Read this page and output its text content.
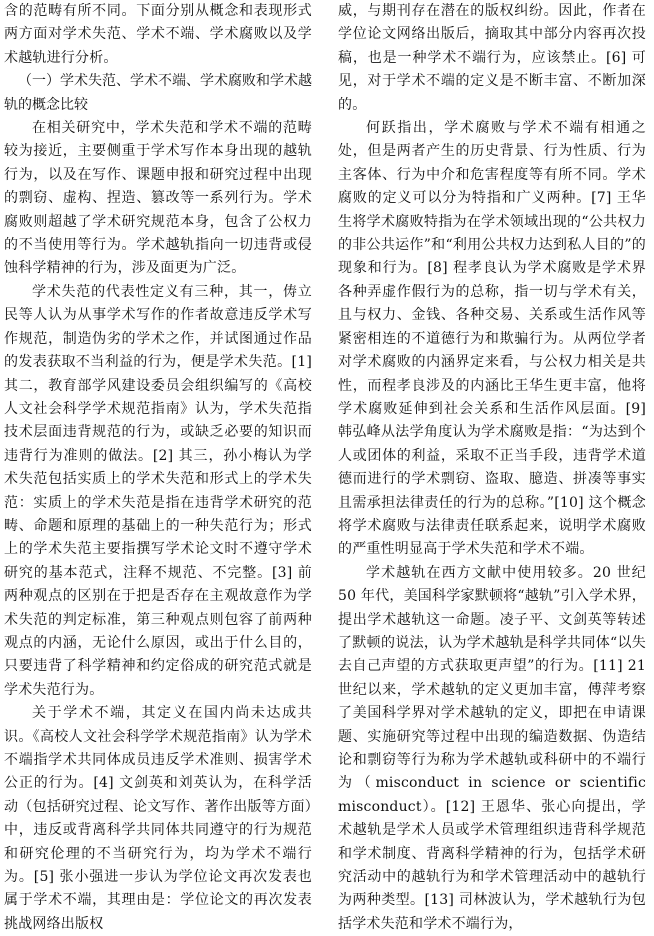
含的范畴有所不同。下面分别从概念和表现形式两方面对学术失范、学术不端、学术腐败以及学术越轨进行分析。

（一）学术失范、学术不端、学术腐败和学术越轨的概念比较

在相关研究中，学术失范和学术不端的范畴较为接近，主要侧重于学术写作本身出现的越轨行为，以及在写作、课题申报和研究过程中出现的剽窃、虚构、捏造、篡改等一系列行为。学术腐败则超越了学术研究规范本身，包含了公权力的不当使用等行为。学术越轨指向一切违背或侵蚀科学精神的行为，涉及面更为广泛。

学术失范的代表性定义有三种，其一，俦立民等人认为从事学术写作的作者故意违反学术写作规范，制造伪劣的学术之作，并试图通过作品的发表获取不当利益的行为，便是学术失范。[1] 其二，教育部学风建设委员会组织编写的《高校人文社会科学学术规范指南》认为，学术失范指技术层面违背规范的行为，或缺乏必要的知识而违背行为准则的做法。[2] 其三，孙小梅认为学术失范包括实质上的学术失范和形式上的学术失范：实质上的学术失范是指在违背学术研究的范畴、命题和原理的基础上的一种失范行为；形式上的学术失范主要指撰写学术论文时不遵守学术研究的基本范式，注释不规范、不完整。[3] 前两种观点的区别在于把是否存在主观故意作为学术失范的判定标准，第三种观点则包容了前两种观点的内涵，无论什么原因，或出于什么目的，只要违背了科学精神和约定俗成的研究范式就是学术失范行为。

关于学术不端，其定义在国内尚未达成共识。《高校人文社会科学学术规范指南》认为学术不端指学术共同体成员违反学术准则、损害学术公正的行为。[4] 文剑英和刘英认为，在科学活动（包括研究过程、论文写作、著作出版等方面）中，违反或背离科学共同体共同遵守的行为规范和研究伦理的不当研究行为，均为学术不端行为。[5] 张小强进一步认为学位论文再次发表也属于学术不端，其理由是：学位论文的再次发表挑战网络出版权

威，与期刊存在潜在的版权纠纷。因此，作者在学位论文网络出版后，摘取其中部分内容再次投稿，也是一种学术不端行为，应该禁止。[6] 可见，对于学术不端的定义是不断丰富、不断加深的。

何跃指出，学术腐败与学术不端有相通之处，但是两者产生的历史背景、行为性质、行为主客体、行为中介和危害程度等有所不同。学术腐败的定义可以分为特指和广义两种。[7] 王华生将学术腐败特指为在学术领域出现的“公共权力的非公共运作”和“利用公共权力达到私人目的”的现象和行为。[8] 程孝良认为学术腐败是学术界各种弄虚作假行为的总称，指一切与学术有关，且与权力、金钱、各种交易、关系或生活作风等紧密相连的不道德行为和欺骗行为。从两位学者对学术腐败的内涵界定来看，与公权力相关是共性，而程孝良涉及的内涵比王华生更丰富，他将学术腐败延伸到社会关系和生活作风层面。[9] 韩弘峰从法学角度认为学术腐败是指：“为达到个人或团体的利益，采取不正当手段，违背学术道德而进行的学术剽窃、盗取、臆造、拼凑等事实且需承担法律责任的行为的总称。”[10] 这个概念将学术腐败与法律责任联系起来，说明学术腐败的严重性明显高于学术失范和学术不端。

学术越轨在西方文献中使用较多。20 世纪 50 年代，美国科学家默顿将“越轨”引入学术界，提出学术越轨这一命题。凌子平、文剑英等转述了默顿的说法，认为学术越轨是科学共同体“以失去自己声望的方式获取更声望”的行为。[11] 21 世纪以来，学术越轨的定义更加丰富，傅萍考察了美国科学界对学术越轨的定义，即把在申请课题、实施研究等过程中出现的编造数据、伪造结论和剽窃等行为称为学术越轨或科研中的不端行为（misconduct in science or scientific misconduct）。[12] 王恩华、张心向提出，学术越轨是学术人员或学术管理组织违背科学规范和学术制度、背离科学精神的行为，包括学术研究活动中的越轨行为和学术管理活动中的越轨行为两种类型。[13] 司林波认为，学术越轨行为包括学术失范和学术不端行为，
